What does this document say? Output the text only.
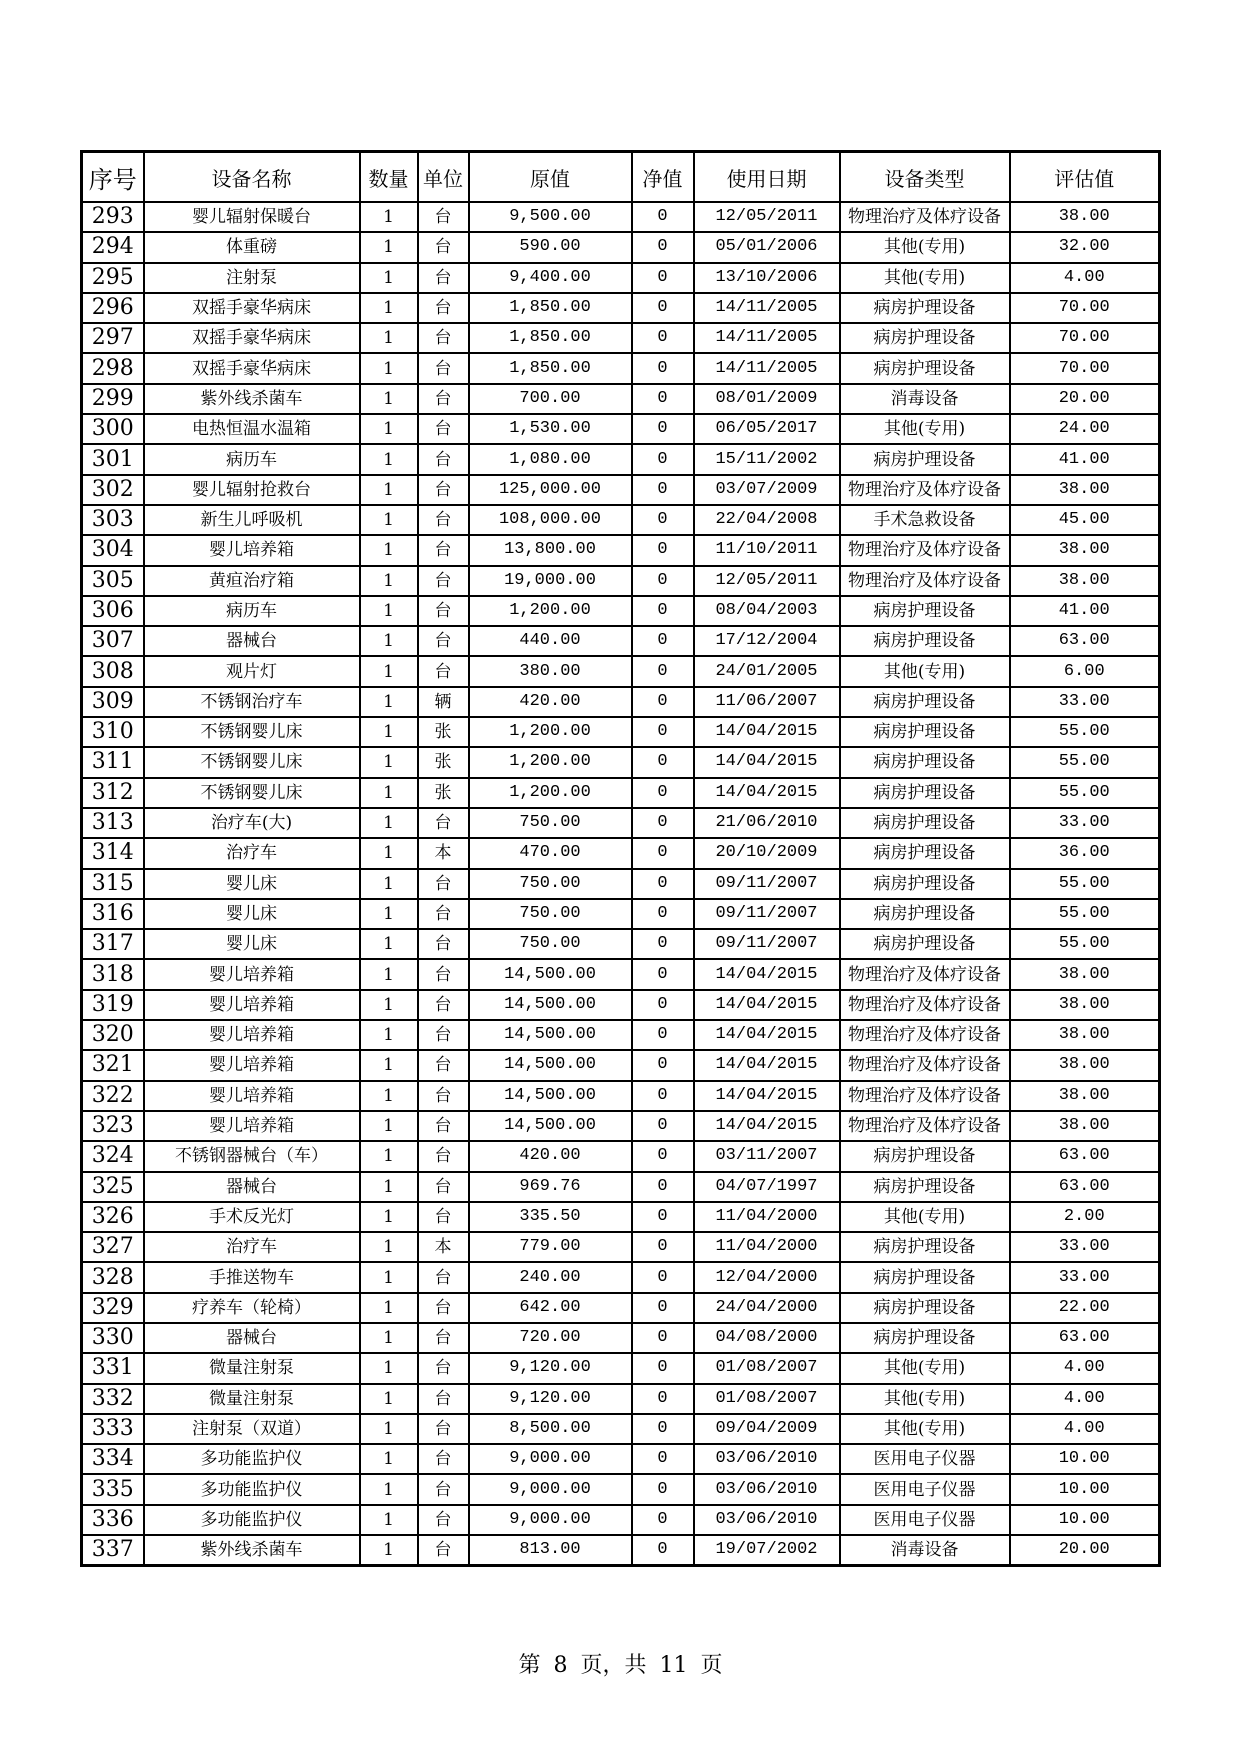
序号	设备名称	数量	单位	原值	净值	使用日期	设备类型	评估值
293	婴儿辐射保暖台	1	台	9,500.00	0	12/05/2011	物理治疗及体疗设备	38.00
294	体重磅	1	台	590.00	0	05/01/2006	其他(专用)	32.00
295	注射泵	1	台	9,400.00	0	13/10/2006	其他(专用)	4.00
296	双摇手豪华病床	1	台	1,850.00	0	14/11/2005	病房护理设备	70.00
297	双摇手豪华病床	1	台	1,850.00	0	14/11/2005	病房护理设备	70.00
298	双摇手豪华病床	1	台	1,850.00	0	14/11/2005	病房护理设备	70.00
299	紫外线杀菌车	1	台	700.00	0	08/01/2009	消毒设备	20.00
300	电热恒温水温箱	1	台	1,530.00	0	06/05/2017	其他(专用)	24.00
301	病历车	1	台	1,080.00	0	15/11/2002	病房护理设备	41.00
302	婴儿辐射抢救台	1	台	125,000.00	0	03/07/2009	物理治疗及体疗设备	38.00
303	新生儿呼吸机	1	台	108,000.00	0	22/04/2008	手术急救设备	45.00
304	婴儿培养箱	1	台	13,800.00	0	11/10/2011	物理治疗及体疗设备	38.00
305	黄疸治疗箱	1	台	19,000.00	0	12/05/2011	物理治疗及体疗设备	38.00
306	病历车	1	台	1,200.00	0	08/04/2003	病房护理设备	41.00
307	器械台	1	台	440.00	0	17/12/2004	病房护理设备	63.00
308	观片灯	1	台	380.00	0	24/01/2005	其他(专用)	6.00
309	不锈钢治疗车	1	辆	420.00	0	11/06/2007	病房护理设备	33.00
310	不锈钢婴儿床	1	张	1,200.00	0	14/04/2015	病房护理设备	55.00
311	不锈钢婴儿床	1	张	1,200.00	0	14/04/2015	病房护理设备	55.00
312	不锈钢婴儿床	1	张	1,200.00	0	14/04/2015	病房护理设备	55.00
313	治疗车(大)	1	台	750.00	0	21/06/2010	病房护理设备	33.00
314	治疗车	1	本	470.00	0	20/10/2009	病房护理设备	36.00
315	婴儿床	1	台	750.00	0	09/11/2007	病房护理设备	55.00
316	婴儿床	1	台	750.00	0	09/11/2007	病房护理设备	55.00
317	婴儿床	1	台	750.00	0	09/11/2007	病房护理设备	55.00
318	婴儿培养箱	1	台	14,500.00	0	14/04/2015	物理治疗及体疗设备	38.00
319	婴儿培养箱	1	台	14,500.00	0	14/04/2015	物理治疗及体疗设备	38.00
320	婴儿培养箱	1	台	14,500.00	0	14/04/2015	物理治疗及体疗设备	38.00
321	婴儿培养箱	1	台	14,500.00	0	14/04/2015	物理治疗及体疗设备	38.00
322	婴儿培养箱	1	台	14,500.00	0	14/04/2015	物理治疗及体疗设备	38.00
323	婴儿培养箱	1	台	14,500.00	0	14/04/2015	物理治疗及体疗设备	38.00
324	不锈钢器械台（车）	1	台	420.00	0	03/11/2007	病房护理设备	63.00
325	器械台	1	台	969.76	0	04/07/1997	病房护理设备	63.00
326	手术反光灯	1	台	335.50	0	11/04/2000	其他(专用)	2.00
327	治疗车	1	本	779.00	0	11/04/2000	病房护理设备	33.00
328	手推送物车	1	台	240.00	0	12/04/2000	病房护理设备	33.00
329	疗养车（轮椅）	1	台	642.00	0	24/04/2000	病房护理设备	22.00
330	器械台	1	台	720.00	0	04/08/2000	病房护理设备	63.00
331	微量注射泵	1	台	9,120.00	0	01/08/2007	其他(专用)	4.00
332	微量注射泵	1	台	9,120.00	0	01/08/2007	其他(专用)	4.00
333	注射泵（双道）	1	台	8,500.00	0	09/04/2009	其他(专用)	4.00
334	多功能监护仪	1	台	9,000.00	0	03/06/2010	医用电子仪器	10.00
335	多功能监护仪	1	台	9,000.00	0	03/06/2010	医用电子仪器	10.00
336	多功能监护仪	1	台	9,000.00	0	03/06/2010	医用电子仪器	10.00
337	紫外线杀菌车	1	台	813.00	0	19/07/2002	消毒设备	20.00
第 8 页，共 11 页
